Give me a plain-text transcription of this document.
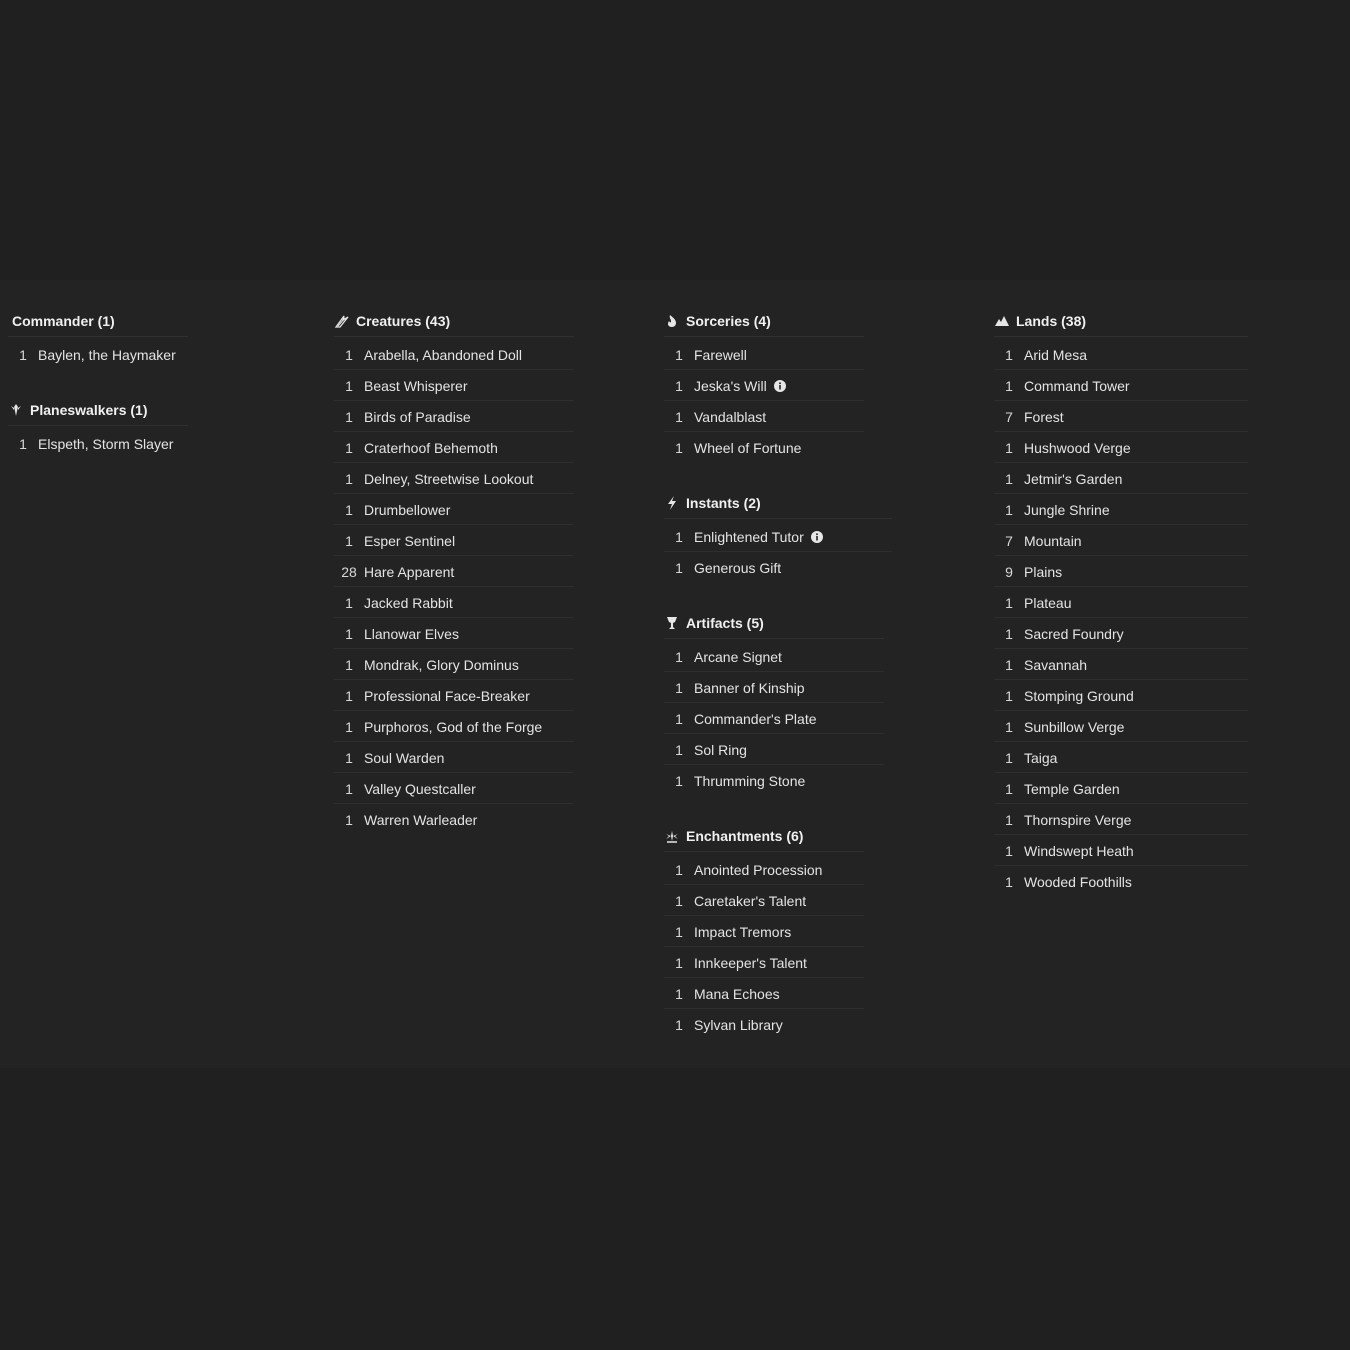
Commander (1)
1 Baylen, the Haymaker
Planeswalkers (1)
1 Elspeth, Storm Slayer
Creatures (43)
1 Arabella, Abandoned Doll
1 Beast Whisperer
1 Birds of Paradise
1 Craterhoof Behemoth
1 Delney, Streetwise Lookout
1 Drumbellower
1 Esper Sentinel
28 Hare Apparent
1 Jacked Rabbit
1 Llanowar Elves
1 Mondrak, Glory Dominus
1 Professional Face-Breaker
1 Purphoros, God of the Forge
1 Soul Warden
1 Valley Questcaller
1 Warren Warleader
Sorceries (4)
1 Farewell
1 Jeska's Will
1 Vandalblast
1 Wheel of Fortune
Instants (2)
1 Enlightened Tutor
1 Generous Gift
Artifacts (5)
1 Arcane Signet
1 Banner of Kinship
1 Commander's Plate
1 Sol Ring
1 Thrumming Stone
Enchantments (6)
1 Anointed Procession
1 Caretaker's Talent
1 Impact Tremors
1 Innkeeper's Talent
1 Mana Echoes
1 Sylvan Library
Lands (38)
1 Arid Mesa
1 Command Tower
7 Forest
1 Hushwood Verge
1 Jetmir's Garden
1 Jungle Shrine
7 Mountain
9 Plains
1 Plateau
1 Sacred Foundry
1 Savannah
1 Stomping Ground
1 Sunbillow Verge
1 Taiga
1 Temple Garden
1 Thornspire Verge
1 Windswept Heath
1 Wooded Foothills
